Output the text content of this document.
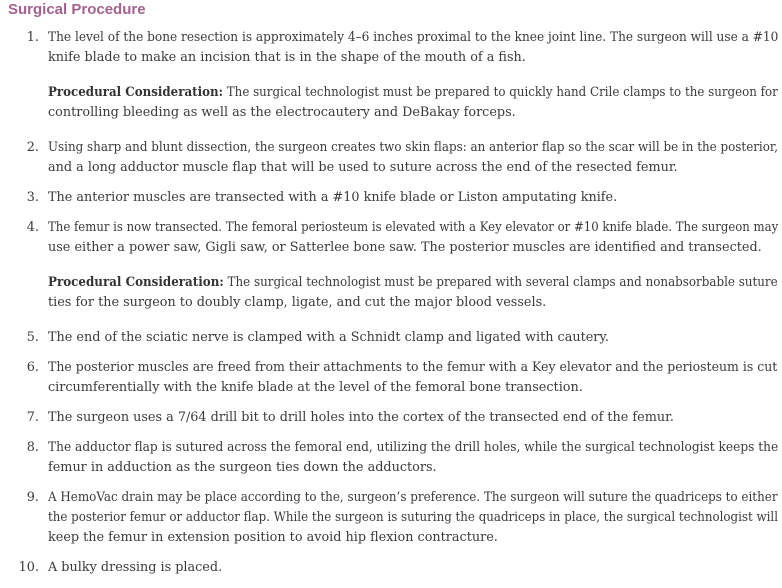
Surgical Procedure
1. The level of the bone resection is approximately 4–6 inches proximal to the knee joint line. The surgeon will use a #10
knife blade to make an incision that is in the shape of the mouth of a fish.
Procedural Consideration: The surgical technologist must be prepared to quickly hand Crile clamps to the surgeon for
controlling bleeding as well as the electrocautery and DeBakay forceps.
2. Using sharp and blunt dissection, the surgeon creates two skin flaps: an anterior flap so the scar will be in the posterior,
and a long adductor muscle flap that will be used to suture across the end of the resected femur.
3. The anterior muscles are transected with a #10 knife blade or Liston amputating knife.
4. The femur is now transected. The femoral periosteum is elevated with a Key elevator or #10 knife blade. The surgeon may
use either a power saw, Gigli saw, or Satterlee bone saw. The posterior muscles are identified and transected.
Procedural Consideration: The surgical technologist must be prepared with several clamps and nonabsorbable suture
ties for the surgeon to doubly clamp, ligate, and cut the major blood vessels.
5. The end of the sciatic nerve is clamped with a Schnidt clamp and ligated with cautery.
6. The posterior muscles are freed from their attachments to the femur with a Key elevator and the periosteum is cut
circumferentially with the knife blade at the level of the femoral bone transection.
7. The surgeon uses a 7/64 drill bit to drill holes into the cortex of the transected end of the femur.
8. The adductor flap is sutured across the femoral end, utilizing the drill holes, while the surgical technologist keeps the
femur in adduction as the surgeon ties down the adductors.
9. A HemoVac drain may be place according to the, surgeon’s preference. The surgeon will suture the quadriceps to either
the posterior femur or adductor flap. While the surgeon is suturing the quadriceps in place, the surgical technologist will
keep the femur in extension position to avoid hip flexion contracture.
10. A bulky dressing is placed.
